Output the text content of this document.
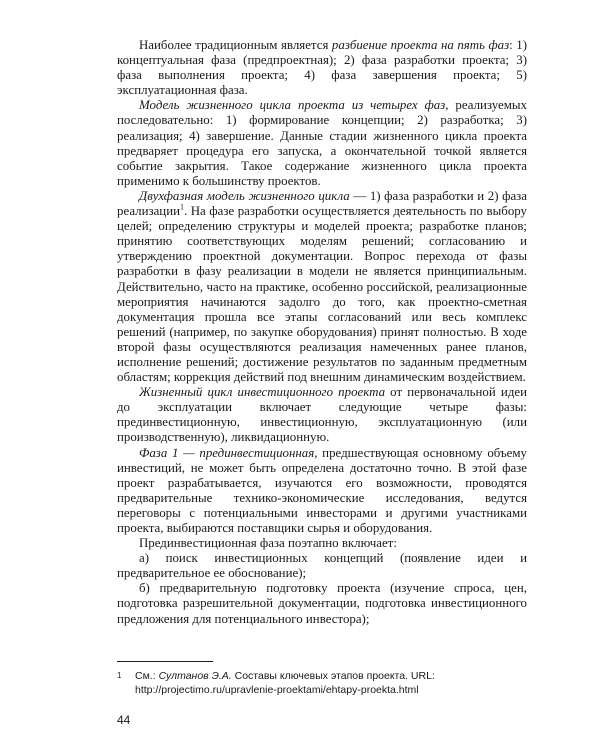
Наиболее традиционным является разбиение проекта на пять фаз: 1) концептуальная фаза (предпроектная); 2) фаза разработки проекта; 3) фаза выполнения проекта; 4) фаза завершения проекта; 5) эксплуатационная фаза.

Модель жизненного цикла проекта из четырех фаз, реализуемых последовательно: 1) формирование концепции; 2) разработка; 3) реализация; 4) завершение. Данные стадии жизненного цикла проекта предваряет процедура его запуска, а окончательной точкой является событие закрытия. Такое содержание жизненного цикла проекта применимо к большинству проектов.

Двухфазная модель жизненного цикла — 1) фаза разработки и 2) фаза реализации$^1$. На фазе разработки осуществляется деятельность по выбору целей; определению структуры и моделей проекта; разработке планов; принятию соответствующих моделям решений; согласованию и утверждению проектной документации. Вопрос перехода от фазы разработки в фазу реализации в модели не является принципиальным. Действительно, часто на практике, особенно российской, реализационные мероприятия начинаются задолго до того, как проектно-сметная документация прошла все этапы согласований или весь комплекс решений (например, по закупке оборудования) принят полностью. В ходе второй фазы осуществляются реализация намеченных ранее планов, исполнение решений; достижение результатов по заданным предметным областям; коррекция действий под внешним динамическим воздействием.

Жизненный цикл инвестиционного проекта от первоначальной идеи до эксплуатации включает следующие четыре фазы: прединвестиционную, инвестиционную, эксплуатационную (или производственную), ликвидационную.

Фаза 1 — прединвестиционная, предшествующая основному объему инвестиций, не может быть определена достаточно точно. В этой фазе проект разрабатывается, изучаются его возможности, проводятся предварительные технико-экономические исследования, ведутся переговоры с потенциальными инвесторами и другими участниками проекта, выбираются поставщики сырья и оборудования.

Прединвестиционная фаза поэтапно включает:

а) поиск инвестиционных концепций (появление идеи и предварительное ее обоснование);

б) предварительную подготовку проекта (изучение спроса, цен, подготовка разрешительной документации, подготовка инвестиционного предложения для потенциального инвестора);

1 См.: Султанов Э.А. Составы ключевых этапов проекта. URL: http://projectimo.ru/upravlenie-proektami/ehtapy-proekta.html
44
